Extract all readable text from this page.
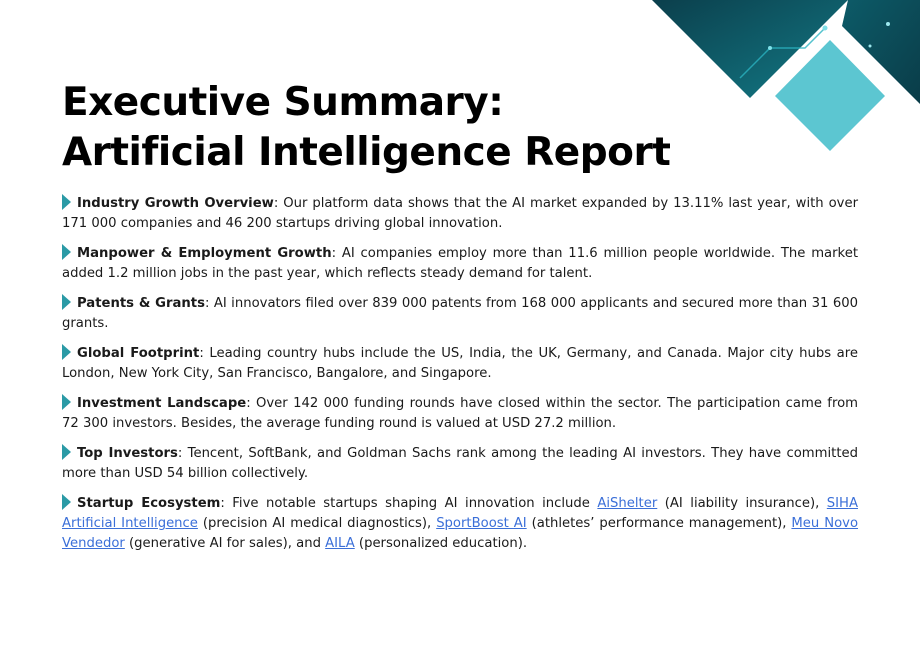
Executive Summary:
Artificial Intelligence Report

Industry Growth Overview: Our platform data shows that the AI market expanded by 13.11% last year, with over 171 000 companies and 46 200 startups driving global innovation.

Manpower & Employment Growth: AI companies employ more than 11.6 million people worldwide. The market added 1.2 million jobs in the past year, which reflects steady demand for talent.

Patents & Grants: AI innovators filed over 839 000 patents from 168 000 applicants and secured more than 31 600 grants.

Global Footprint: Leading country hubs include the US, India, the UK, Germany, and Canada. Major city hubs are London, New York City, San Francisco, Bangalore, and Singapore.

Investment Landscape: Over 142 000 funding rounds have closed within the sector. The participation came from 72 300 investors. Besides, the average funding round is valued at USD 27.2 million.

Top Investors: Tencent, SoftBank, and Goldman Sachs rank among the leading AI investors. They have committed more than USD 54 billion collectively.

Startup Ecosystem: Five notable startups shaping AI innovation include AiShelter (AI liability insurance), SIHA Artificial Intelligence (precision AI medical diagnostics), SportBoost AI (athletes’ performance management), Meu Novo Vendedor (generative AI for sales), and AILA (personalized education).
